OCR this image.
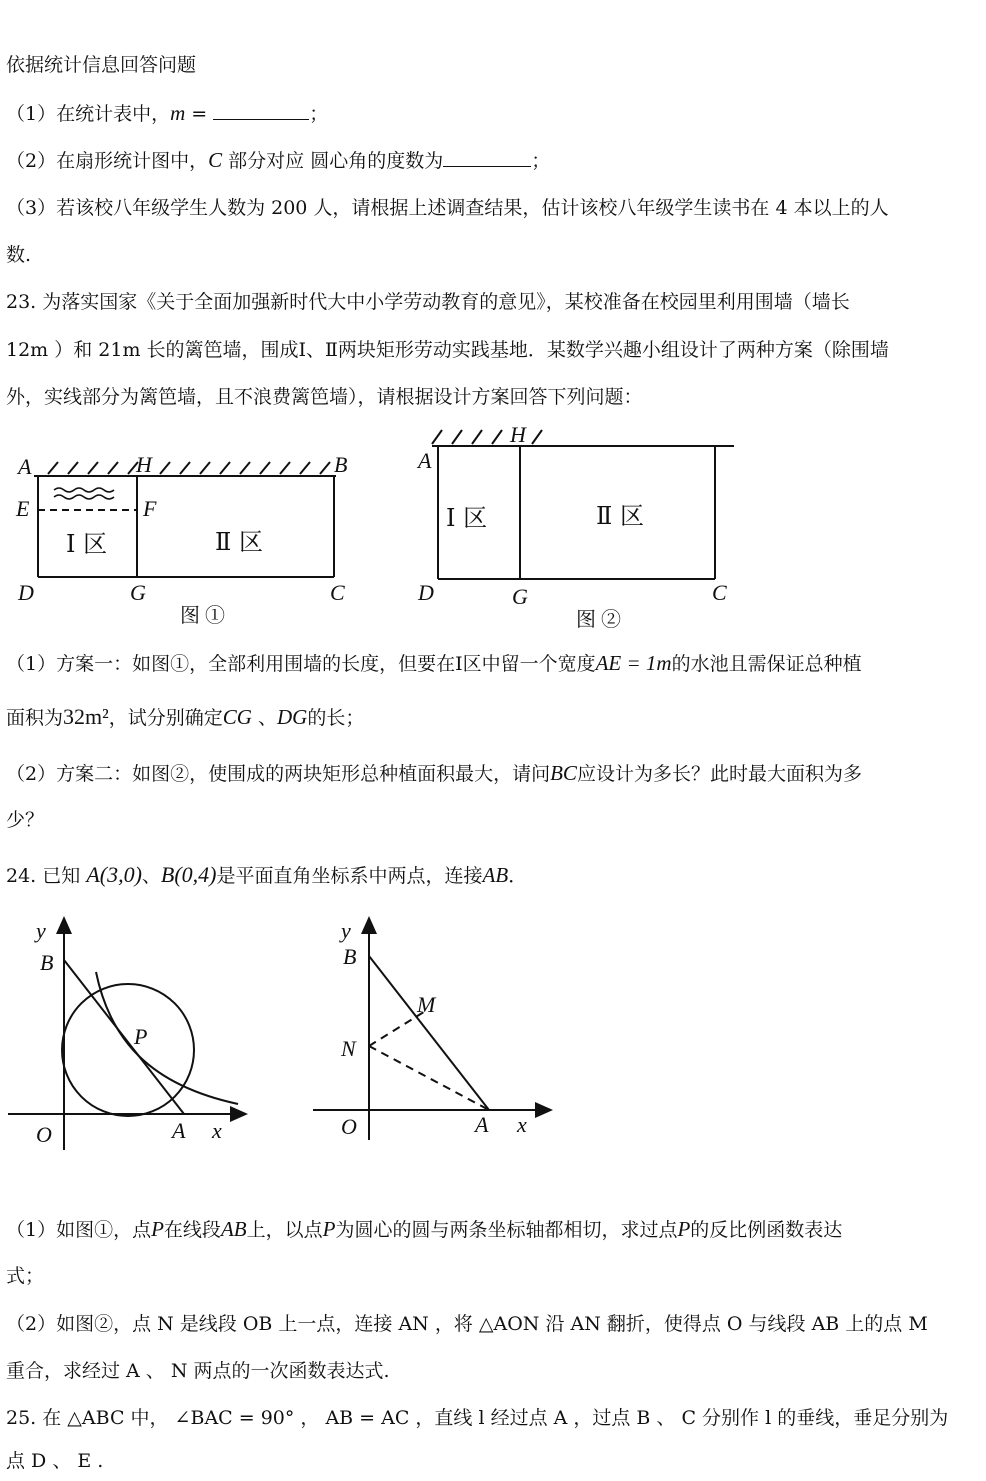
依据统计信息回答问题
（1）在统计表中，m =	；
（2）在扇形统计图中，C 部分对应 圆心角的度数为	；
（3）若该校八年级学生人数为 200 人，请根据上述调查结果，估计该校八年级学生读书在 4 本以上的人
数.
23. 为落实国家《关于全面加强新时代大中小学劳动教育的意见》，某校准备在校园里利用围墙（墙长
12m ）和 21m 长的篱笆墙，围成Ⅰ、Ⅱ两块矩形劳动实践基地．某数学兴趣小组设计了两种方案（除围墙
外，实线部分为篱笆墙，且不浪费篱笆墙），请根据设计方案回答下列问题：
A	H	B
E	F
D	G	C
Ⅰ 区	Ⅱ 区
图 ①
A
H
D	G	C
Ⅰ 区	Ⅱ 区
图 ②
（1）方案一：如图①，全部利用围墙的长度，但要在Ⅰ区中留一个宽度AE = 1m的水池且需保证总种植
面积为32m²，试分别确定CG 、DG的长；
（2）方案二：如图②，使围成的两块矩形总种植面积最大，请问BC应设计为多长？此时最大面积为多
少？
24. 已知 A(3,0)、B(0,4)是平面直角坐标系中两点，连接AB．
y
B
P
O	A x
y
B
M
N
O	A x
（1）如图①，点P在线段AB上，以点P为圆心的圆与两条坐标轴都相切，求过点P的反比例函数表达
式；
（2）如图②，点 N 是线段 OB 上一点，连接 AN ，将 △AON 沿 AN 翻折，使得点 O 与线段 AB 上的点 M
重合，求经过 A 、 N 两点的一次函数表达式.
25. 在 △ABC 中， ∠BAC = 90° ， AB = AC ，直线 l 经过点 A ，过点 B 、 C 分别作 l 的垂线，垂足分别为
点 D 、 E .
